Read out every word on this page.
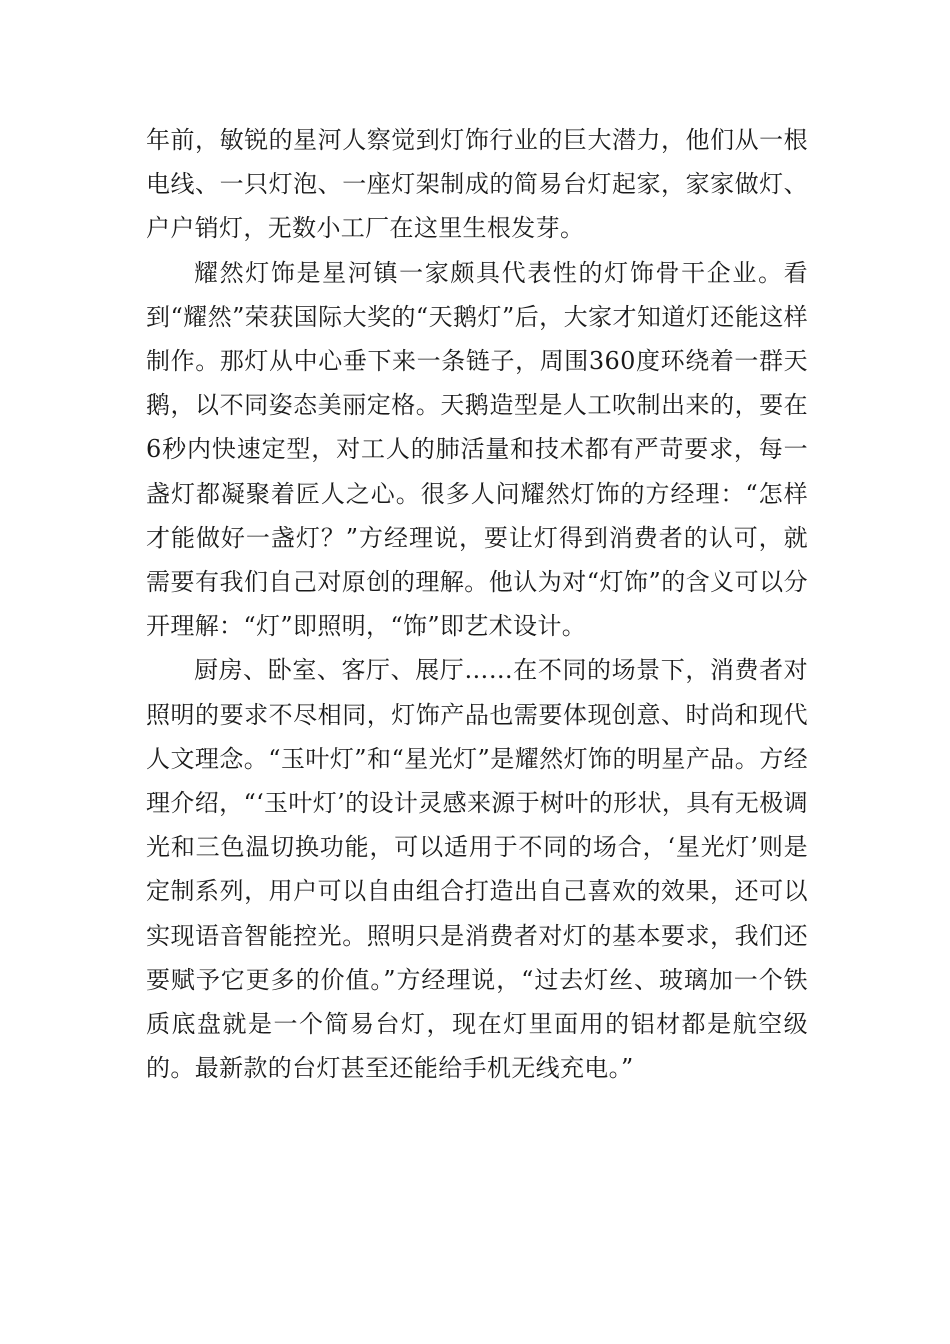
年前，敏锐的星河人察觉到灯饰行业的巨大潜力，他们从一根电线、一只灯泡、一座灯架制成的简易台灯起家，家家做灯、户户销灯，无数小工厂在这里生根发芽。

耀然灯饰是星河镇一家颇具代表性的灯饰骨干企业。看到“耀然”荣获国际大奖的“天鹅灯”后，大家才知道灯还能这样制作。那灯从中心垂下来一条链子，周围360度环绕着一群天鹅，以不同姿态美丽定格。天鹅造型是人工吹制出来的，要在6秒内快速定型，对工人的肺活量和技术都有严苛要求，每一盏灯都凝聚着匠人之心。很多人问耀然灯饰的方经理：“怎样才能做好一盏灯？”方经理说，要让灯得到消费者的认可，就需要有我们自己对原创的理解。他认为对“灯饰”的含义可以分开理解：“灯”即照明，“饰”即艺术设计。

厨房、卧室、客厅、展厅……在不同的场景下，消费者对照明的要求不尽相同，灯饰产品也需要体现创意、时尚和现代人文理念。“玉叶灯”和“星光灯”是耀然灯饰的明星产品。方经理介绍，“‘玉叶灯’的设计灵感来源于树叶的形状，具有无极调光和三色温切换功能，可以适用于不同的场合，‘星光灯’则是定制系列，用户可以自由组合打造出自己喜欢的效果，还可以实现语音智能控光。照明只是消费者对灯的基本要求，我们还要赋予它更多的价值。”方经理说，“过去灯丝、玻璃加一个铁质底盘就是一个简易台灯，现在灯里面用的铝材都是航空级的。最新款的台灯甚至还能给手机无线充电。”
